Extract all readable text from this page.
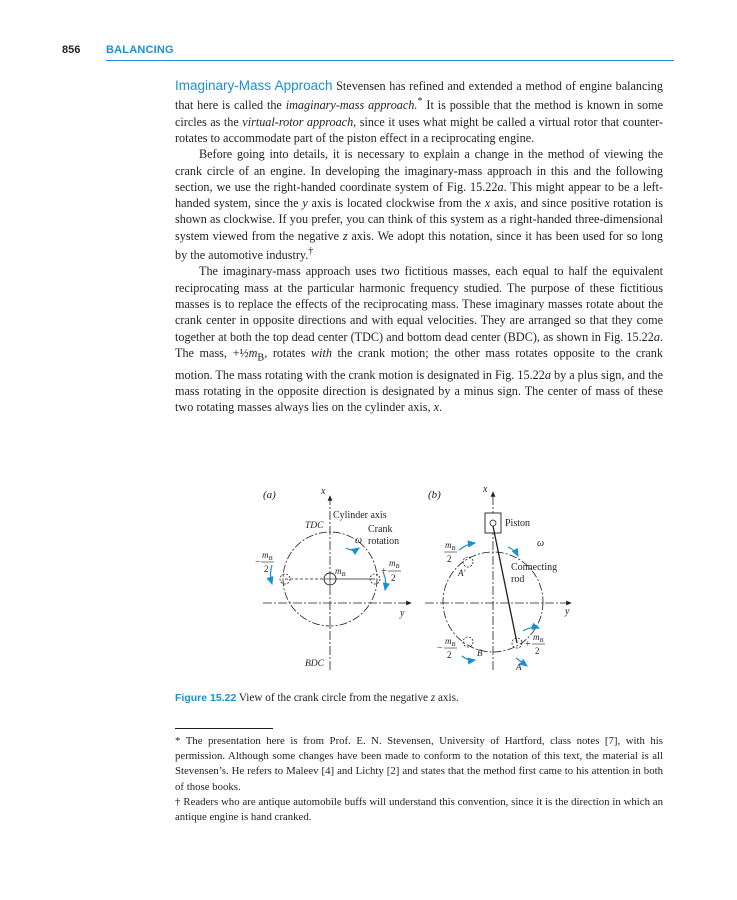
856 BALANCING

Imaginary-Mass Approach Stevensen has refined and extended a method of engine balancing that here is called the imaginary-mass approach.* It is possible that the method is known in some circles as the virtual-rotor approach, since it uses what might be called a virtual rotor that counter-rotates to accommodate part of the piston effect in a reciprocating engine.

Before going into details, it is necessary to explain a change in the method of viewing the crank circle of an engine. In developing the imaginary-mass approach in this and the following section, we use the right-handed coordinate system of Fig. 15.22a. This might appear to be a left-handed system, since the y axis is located clockwise from the x axis, and since positive rotation is shown as clockwise. If you prefer, you can think of this system as a right-handed three-dimensional system viewed from the negative z axis. We adopt this notation, since it has been used for so long by the automotive industry.†

The imaginary-mass approach uses two fictitious masses, each equal to half the equivalent reciprocating mass at the particular harmonic frequency studied. The purpose of these fictitious masses is to replace the effects of the reciprocating mass. These imaginary masses rotate about the crank center in opposite directions and with equal velocities. They are arranged so that they come together at both the top dead center (TDC) and bottom dead center (BDC), as shown in Fig. 15.22a. The mass, $+\frac{1}{2}m_B$, rotates with the crank motion; the other mass rotates opposite to the crank motion. The mass rotating with the crank motion is designated in Fig. 15.22a by a plus sign, and the mass rotating in the opposite direction is designated by a minus sign. The center of mass of these two rotating masses always lies on the cylinder axis, x.

(a)	x
y
Cylinder axis
TDC
BDC
Crank
rotation
ω
$m_B$
$m_B$
−
2
$m_B$
+
2
(b)	x
y
Piston
ω
Connecting
rod
A′
$m_B$
2
B
$m_B$
−
2
A
$m_B$
+
2
Figure 15.22 View of the crank circle from the negative z axis.

* The presentation here is from Prof. E. N. Stevensen, University of Hartford, class notes [7], with his permission. Although some changes have been made to conform to the notation of this text, the material is all Stevensen’s. He refers to Maleev [4] and Lichty [2] and states that the method first came to his attention in both of those books.

† Readers who are antique automobile buffs will understand this convention, since it is the direction in which an antique engine is hand cranked.
